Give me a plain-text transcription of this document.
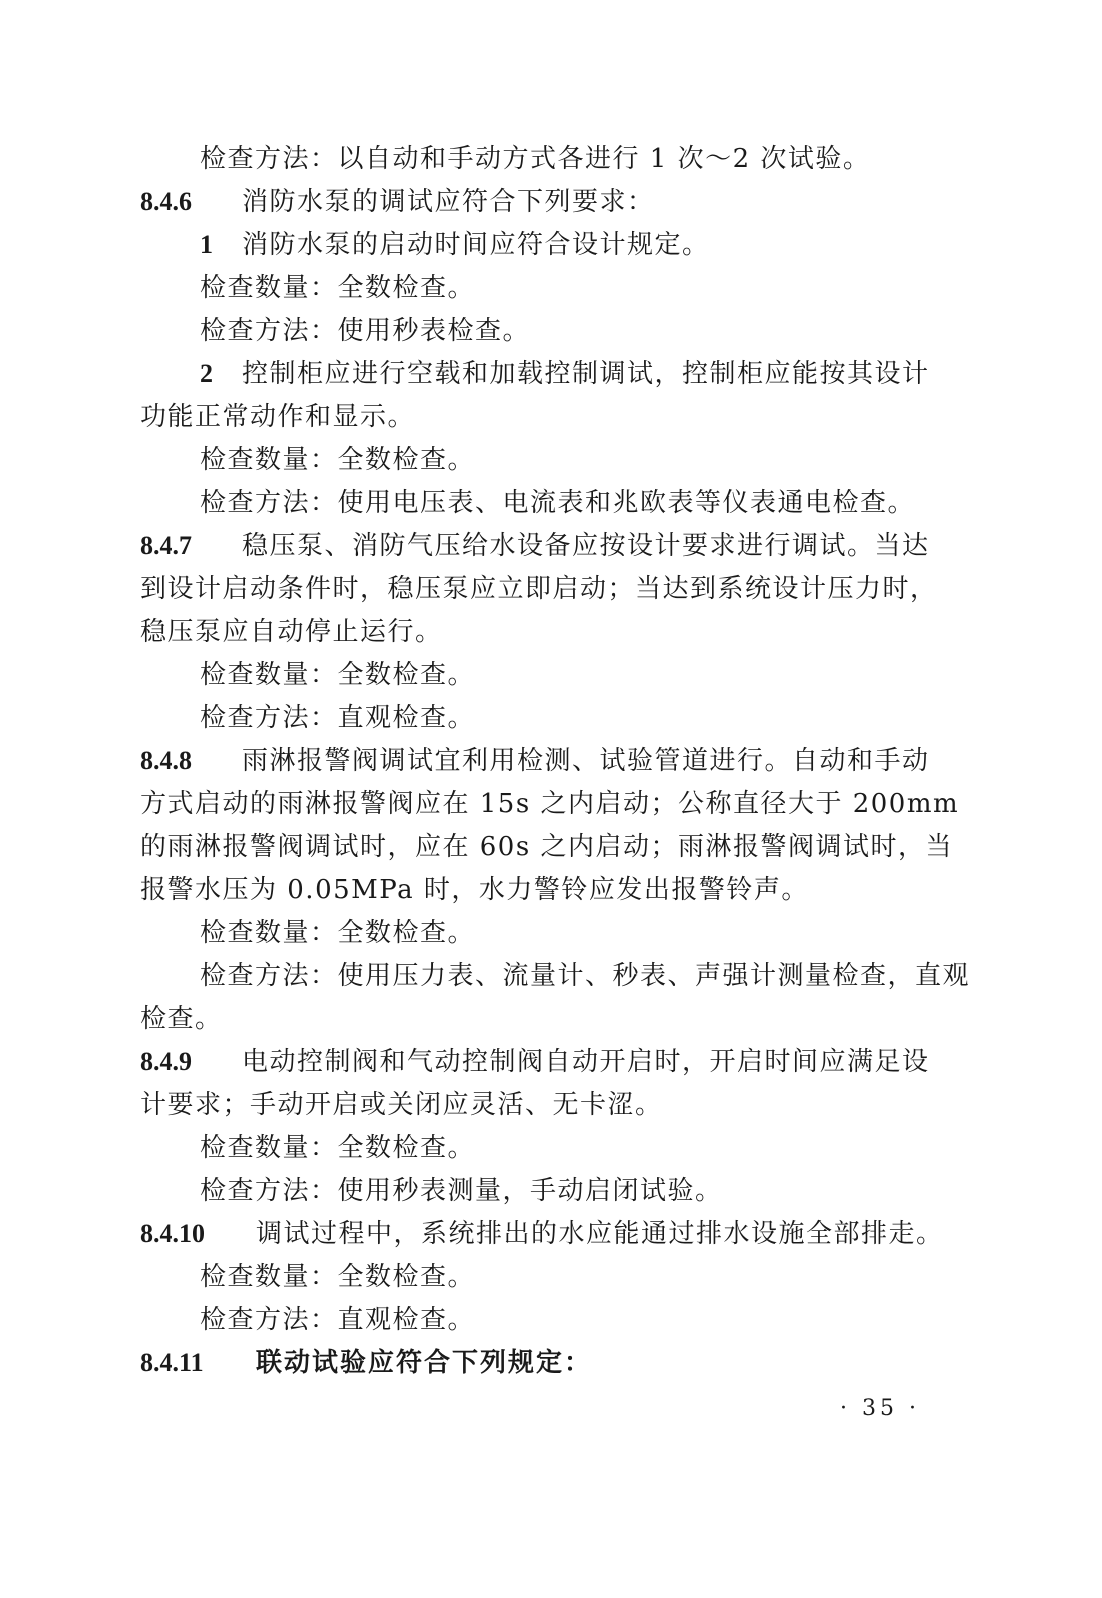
检查方法：以自动和手动方式各进行 1 次～2 次试验。
8.4.6 消防水泵的调试应符合下列要求：
1 消防水泵的启动时间应符合设计规定。
检查数量：全数检查。
检查方法：使用秒表检查。
2 控制柜应进行空载和加载控制调试，控制柜应能按其设计
功能正常动作和显示。
检查数量：全数检查。
检查方法：使用电压表、电流表和兆欧表等仪表通电检查。
8.4.7 稳压泵、消防气压给水设备应按设计要求进行调试。当达
到设计启动条件时，稳压泵应立即启动；当达到系统设计压力时，
稳压泵应自动停止运行。
检查数量：全数检查。
检查方法：直观检查。
8.4.8 雨淋报警阀调试宜利用检测、试验管道进行。自动和手动
方式启动的雨淋报警阀应在 15s 之内启动；公称直径大于 200mm
的雨淋报警阀调试时，应在 60s 之内启动；雨淋报警阀调试时，当
报警水压为 0.05MPa 时，水力警铃应发出报警铃声。
检查数量：全数检查。
检查方法：使用压力表、流量计、秒表、声强计测量检查，直观
检查。
8.4.9 电动控制阀和气动控制阀自动开启时，开启时间应满足设
计要求；手动开启或关闭应灵活、无卡涩。
检查数量：全数检查。
检查方法：使用秒表测量，手动启闭试验。
8.4.10 调试过程中，系统排出的水应能通过排水设施全部排走。
检查数量：全数检查。
检查方法：直观检查。
8.4.11 联动试验应符合下列规定：
· 35 ·
